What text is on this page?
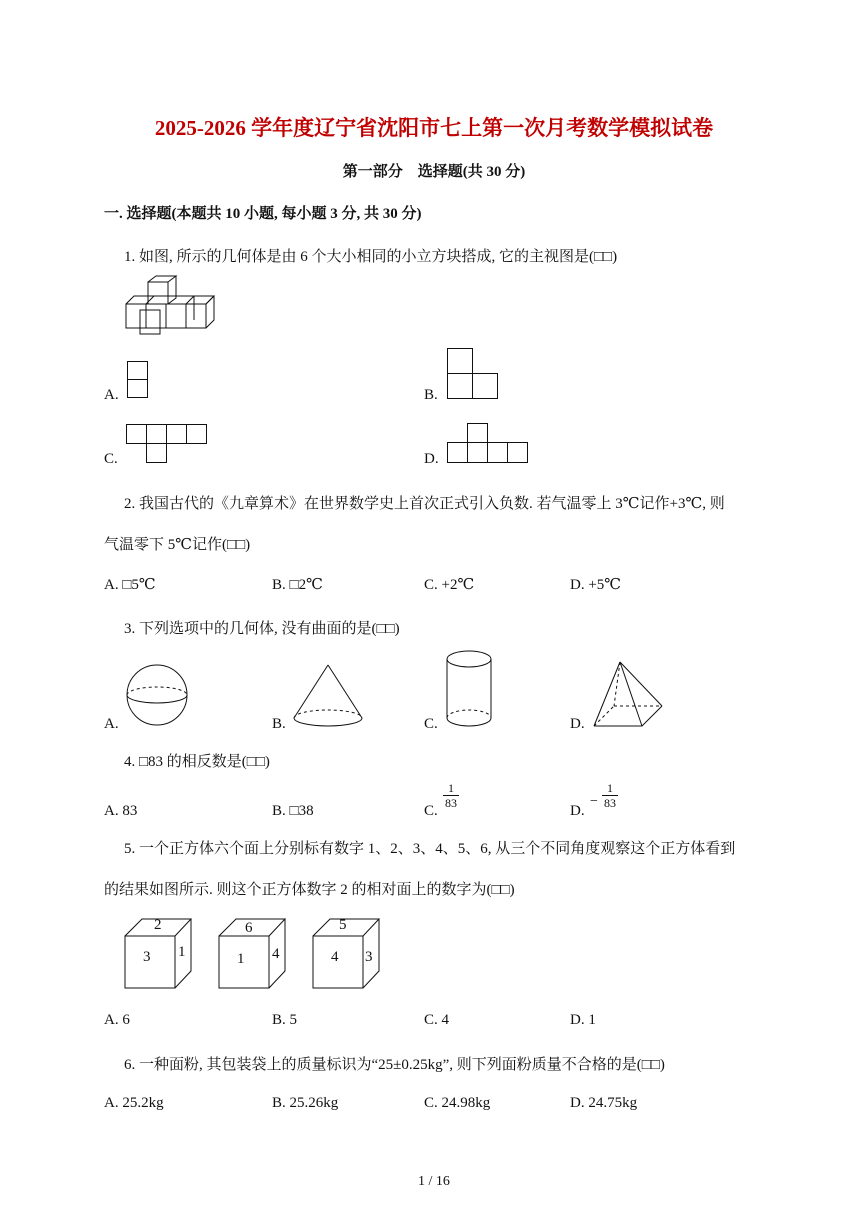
2025-2026 学年度辽宁省沈阳市七上第一次月考数学模拟试卷
第一部分　选择题(共 30 分)
一. 选择题(本题共 10 小题, 每小题 3 分, 共 30 分)
1. 如图, 所示的几何体是由 6 个大小相同的小立方块搭成, 它的主视图是(□□)
A.	B.
C.	D.
2. 我国古代的《九章算术》在世界数学史上首次正式引入负数. 若气温零上 3℃记作+3℃, 则
气温零下 5℃记作(□□)
A. □5℃	B. □2℃	C. +2℃	D. +5℃
3. 下列选项中的几何体, 没有曲面的是(□□)
A.	B.	C.	D.
4. □83 的相反数是(□□)
A. 83	B. □38	C.
$\frac{1}{83}$
D.
− $\frac{1}{83}$
5. 一个正方体六个面上分别标有数字 1、2、3、4、5、6, 从三个不同角度观察这个正方体看到
的结果如图所示. 则这个正方体数字 2 的相对面上的数字为(□□)
2
3 1
6
1 4
5
4 3
A. 6	B. 5	C. 4	D. 1
6. 一种面粉, 其包装袋上的质量标识为“25±0.25kg”, 则下列面粉质量不合格的是(□□)
A. 25.2kg	B. 25.26kg	C. 24.98kg	D. 24.75kg
1 / 16
